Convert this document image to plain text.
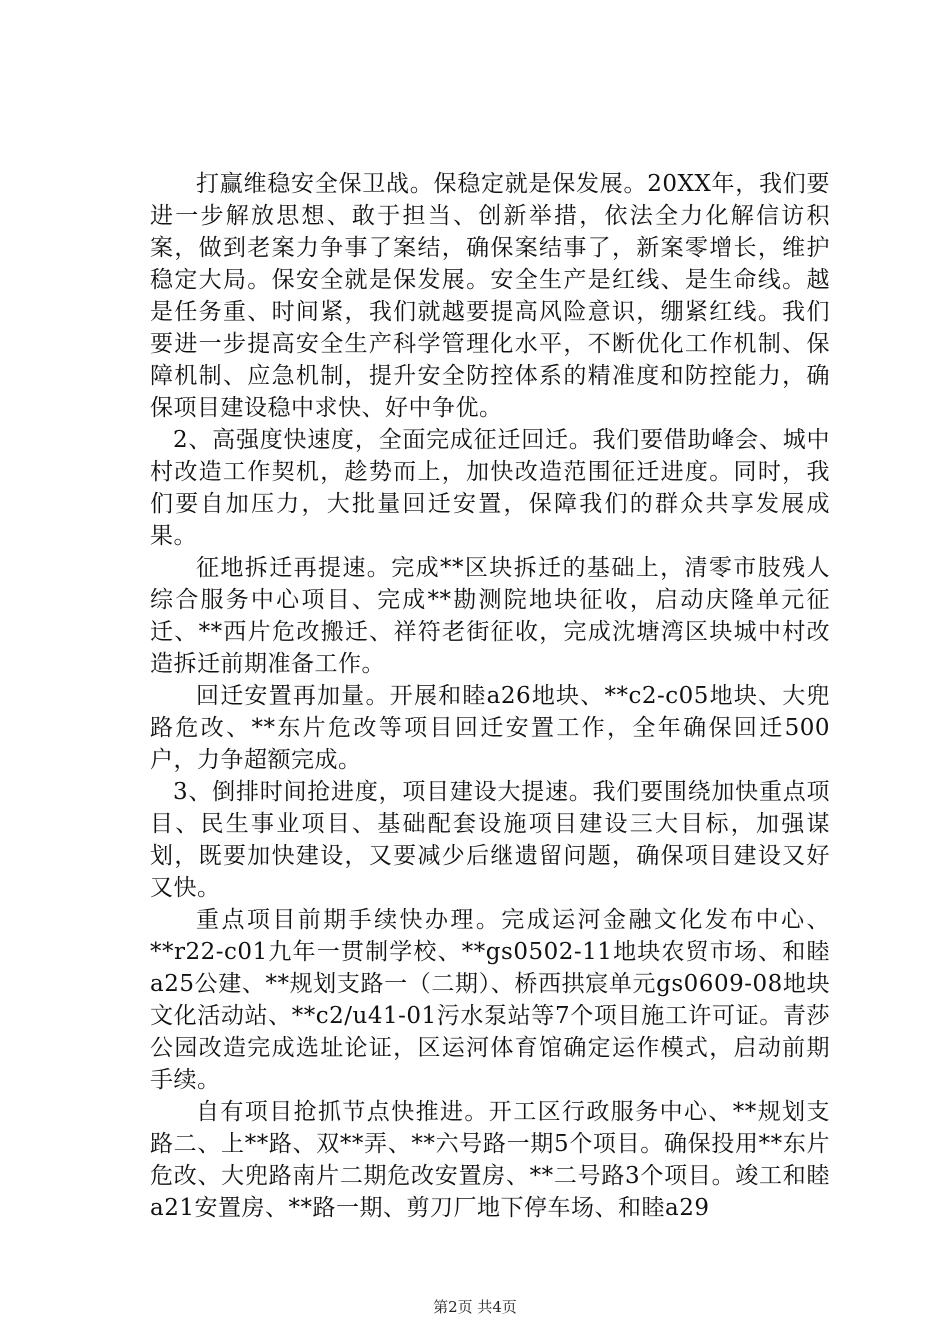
打赢维稳安全保卫战。保稳定就是保发展。20XX年，我们要进一步解放思想、敢于担当、创新举措，依法全力化解信访积案，做到老案力争事了案结，确保案结事了，新案零增长，维护稳定大局。保安全就是保发展。安全生产是红线、是生命线。越是任务重、时间紧，我们就越要提高风险意识，绷紧红线。我们要进一步提高安全生产科学管理化水平，不断优化工作机制、保障机制、应急机制，提升安全防控体系的精准度和防控能力，确保项目建设稳中求快、好中争优。

2、高强度快速度，全面完成征迁回迁。我们要借助峰会、城中村改造工作契机，趁势而上，加快改造范围征迁进度。同时，我们要自加压力，大批量回迁安置，保障我们的群众共享发展成果。

征地拆迁再提速。完成**区块拆迁的基础上，清零市肢残人综合服务中心项目、完成**勘测院地块征收，启动庆隆单元征迁、**西片危改搬迁、祥符老街征收，完成沈塘湾区块城中村改造拆迁前期准备工作。

回迁安置再加量。开展和睦a26地块、**c2-c05地块、大兜路危改、**东片危改等项目回迁安置工作，全年确保回迁500户，力争超额完成。

3、倒排时间抢进度，项目建设大提速。我们要围绕加快重点项目、民生事业项目、基础配套设施项目建设三大目标，加强谋划，既要加快建设，又要减少后继遗留问题，确保项目建设又好又快。

重点项目前期手续快办理。完成运河金融文化发布中心、**r22-c01九年一贯制学校、**gs0502-11地块农贸市场、和睦a25公建、**规划支路一（二期）、桥西拱宸单元gs0609-08地块文化活动站、**c2/u41-01污水泵站等7个项目施工许可证。青莎公园改造完成选址论证，区运河体育馆确定运作模式，启动前期手续。

自有项目抢抓节点快推进。开工区行政服务中心、**规划支路二、上**路、双**弄、**六号路一期5个项目。确保投用**东片危改、大兜路南片二期危改安置房、**二号路3个项目。竣工和睦a21安置房、**路一期、剪刀厂地下停车场、和睦a29

第2页 共4页
